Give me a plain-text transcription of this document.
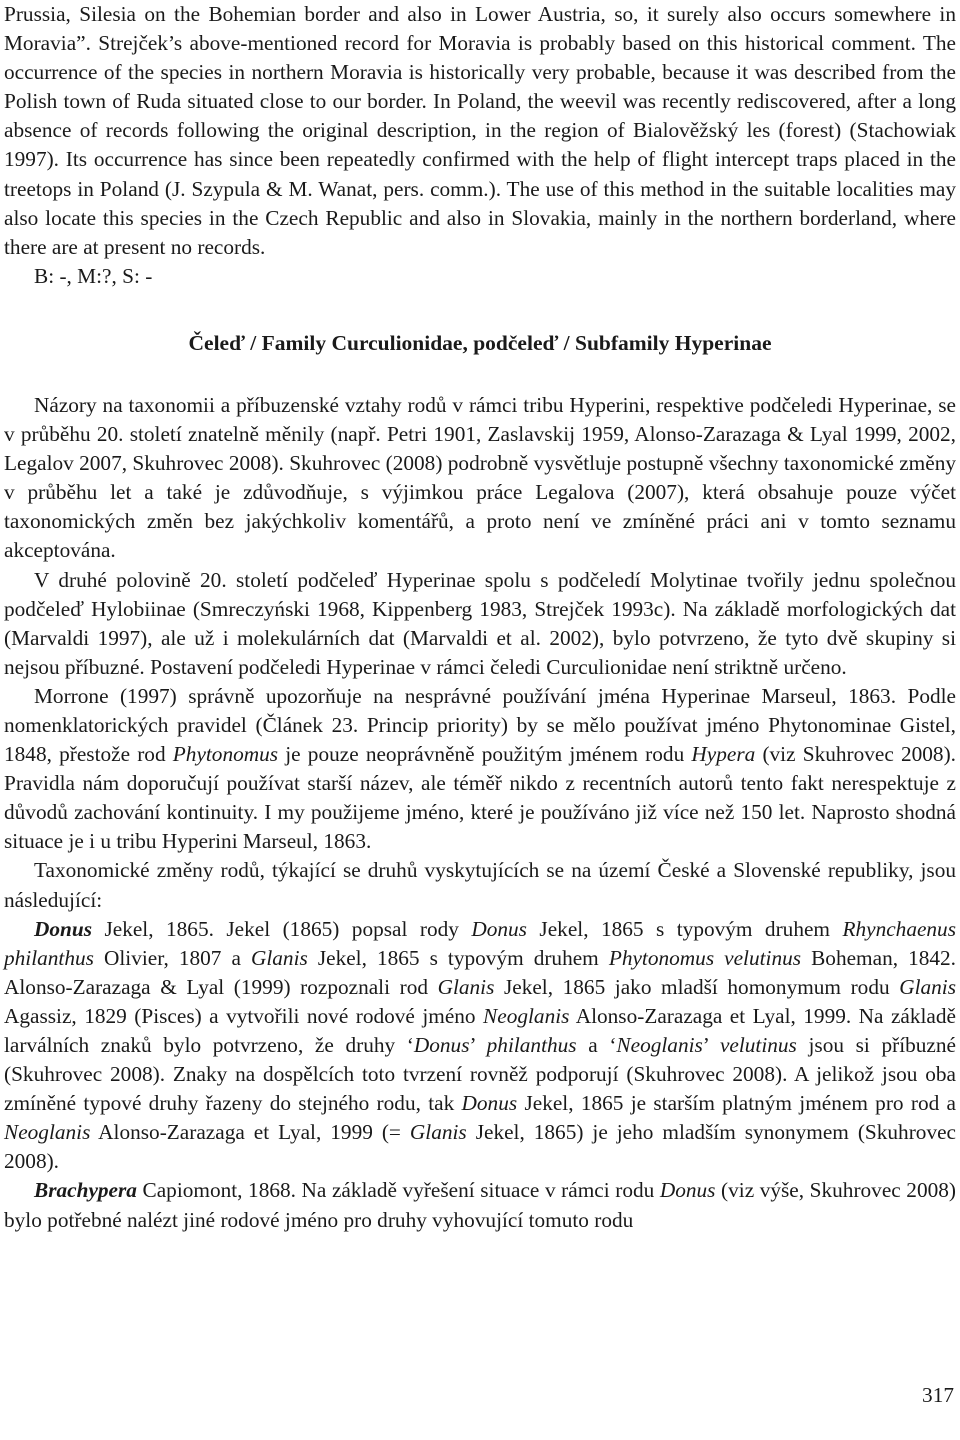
Prussia, Silesia on the Bohemian border and also in Lower Austria, so, it surely also occurs somewhere in Moravia”. Strejček’s above-mentioned record for Moravia is probably based on this historical comment. The occurrence of the species in northern Moravia is historically very probable, because it was described from the Polish town of Ruda situated close to our border. In Poland, the weevil was recently rediscovered, after a long absence of records following the original description, in the region of Bialověžský les (forest) (Stachowiak 1997). Its occurrence has since been repeatedly confirmed with the help of flight intercept traps placed in the treetops in Poland (J. Szypula & M. Wanat, pers. comm.). The use of this method in the suitable localities may also locate this species in the Czech Republic and also in Slovakia, mainly in the northern borderland, where there are at present no records.

B: -, M:?, S: -

Čeleď / Family Curculionidae, podčeleď / Subfamily Hyperinae

Názory na taxonomii a příbuzenské vztahy rodů v rámci tribu Hyperini, respektive podčeledi Hyperinae, se v průběhu 20. století znatelně měnily (např. Petri 1901, Zaslavskij 1959, Alonso-Zarazaga & Lyal 1999, 2002, Legalov 2007, Skuhrovec 2008). Skuhrovec (2008) podrobně vysvětluje postupně všechny taxonomické změny v průběhu let a také je zdůvodňuje, s výjimkou práce Legalova (2007), která obsahuje pouze výčet taxonomických změn bez jakýchkoliv komentářů, a proto není ve zmíněné práci ani v tomto seznamu akceptována.

V druhé polovině 20. století podčeleď Hyperinae spolu s podčeledí Molytinae tvořily jednu společnou podčeleď Hylobiinae (Smreczyński 1968, Kippenberg 1983, Strejček 1993c). Na základě morfologických dat (Marvaldi 1997), ale už i molekulárních dat (Marvaldi et al. 2002), bylo potvrzeno, že tyto dvě skupiny si nejsou příbuzné. Postavení podčeledi Hyperinae v rámci čeledi Curculionidae není striktně určeno.

Morrone (1997) správně upozorňuje na nesprávné používání jména Hyperinae Marseul, 1863. Podle nomenklatorických pravidel (Článek 23. Princip priority) by se mělo používat jméno Phytonominae Gistel, 1848, přestože rod Phytonomus je pouze neoprávněně použitým jménem rodu Hypera (viz Skuhrovec 2008). Pravidla nám doporučují používat starší název, ale téměř nikdo z recentních autorů tento fakt nerespektuje z důvodů zachování kontinuity. I my použijeme jméno, které je používáno již více než 150 let. Naprosto shodná situace je i u tribu Hyperini Marseul, 1863.

Taxonomické změny rodů, týkající se druhů vyskytujících se na území České a Slovenské republiky, jsou následující:

Donus Jekel, 1865. Jekel (1865) popsal rody Donus Jekel, 1865 s typovým druhem Rhynchaenus philanthus Olivier, 1807 a Glanis Jekel, 1865 s typovým druhem Phytonomus velutinus Boheman, 1842. Alonso-Zarazaga & Lyal (1999) rozpoznali rod Glanis Jekel, 1865 jako mladší homonymum rodu Glanis Agassiz, 1829 (Pisces) a vytvořili nové rodové jméno Neoglanis Alonso-Zarazaga et Lyal, 1999. Na základě larválních znaků bylo potvrzeno, že druhy ‘Donus’ philanthus a ‘Neoglanis’ velutinus jsou si příbuzné (Skuhrovec 2008). Znaky na dospělcích toto tvrzení rovněž podporují (Skuhrovec 2008). A jelikož jsou oba zmíněné typové druhy řazeny do stejného rodu, tak Donus Jekel, 1865 je starším platným jménem pro rod a Neoglanis Alonso-Zarazaga et Lyal, 1999 (= Glanis Jekel, 1865) je jeho mladším synonymem (Skuhrovec 2008).

Brachypera Capiomont, 1868. Na základě vyřešení situace v rámci rodu Donus (viz výše, Skuhrovec 2008) bylo potřebné nalézt jiné rodové jméno pro druhy vyhovující tomuto rodu

317
